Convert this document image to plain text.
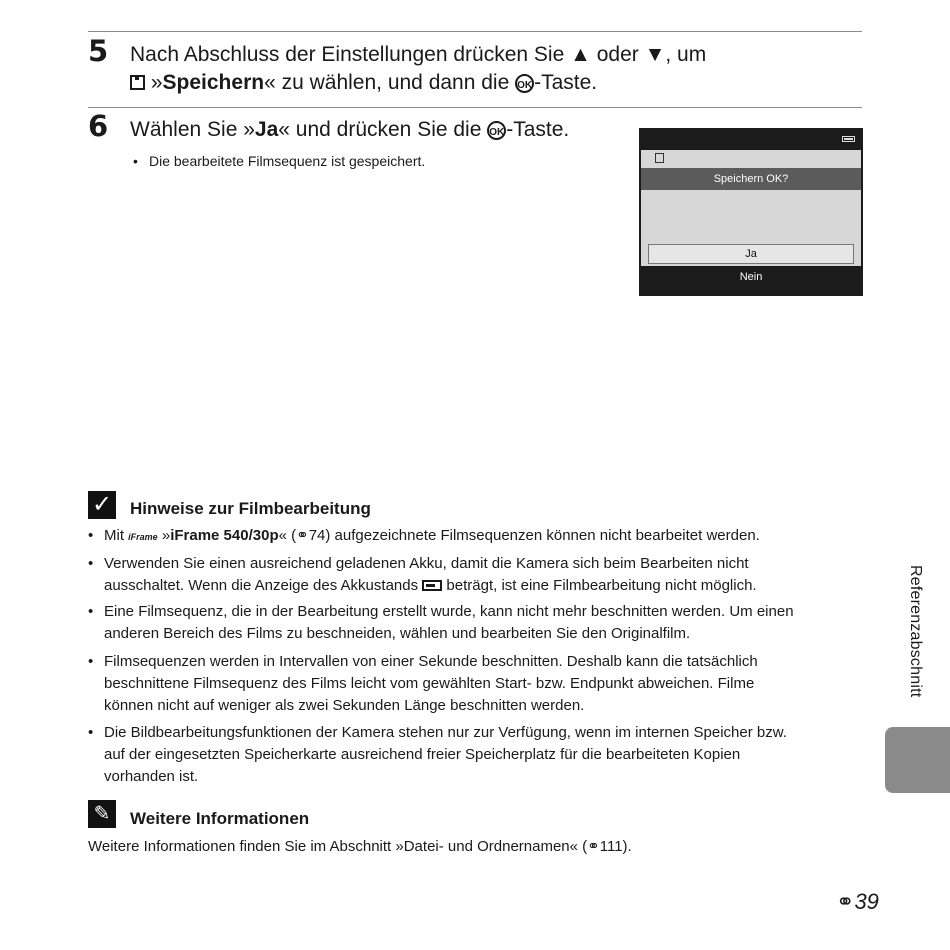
5 Nach Abschluss der Einstellungen drücken Sie ▲ oder ▼, um
»Speichern« zu wählen, und dann die OK-Taste.
6 Wählen Sie »Ja« und drücken Sie die OK-Taste.
• Die bearbeitete Filmsequenz ist gespeichert.
Speichern OK?
Ja
Nein
✓ Hinweise zur Filmbearbeitung
• Mit iFrame »iFrame 540/30p« (⚭74) aufgezeichnete Filmsequenzen können nicht bearbeitet werden.
• Verwenden Sie einen ausreichend geladenen Akku, damit die Kamera sich beim Bearbeiten nicht
ausschaltet. Wenn die Anzeige des Akkustands
beträgt, ist eine Filmbearbeitung nicht möglich.
• Eine Filmsequenz, die in der Bearbeitung erstellt wurde, kann nicht mehr beschnitten werden. Um einen
anderen Bereich des Films zu beschneiden, wählen und bearbeiten Sie den Originalfilm.
• Filmsequenzen werden in Intervallen von einer Sekunde beschnitten. Deshalb kann die tatsächlich
beschnittene Filmsequenz des Films leicht vom gewählten Start- bzw. Endpunkt abweichen. Filme
können nicht auf weniger als zwei Sekunden Länge beschnitten werden.
• Die Bildbearbeitungsfunktionen der Kamera stehen nur zur Verfügung, wenn im internen Speicher bzw.
auf der eingesetzten Speicherkarte ausreichend freier Speicherplatz für die bearbeiteten Kopien
vorhanden ist.
✎	Weitere Informationen
Weitere Informationen finden Sie im Abschnitt »Datei- und Ordnernamen« (⚭111).
Referenzabschnitt
⚭39
